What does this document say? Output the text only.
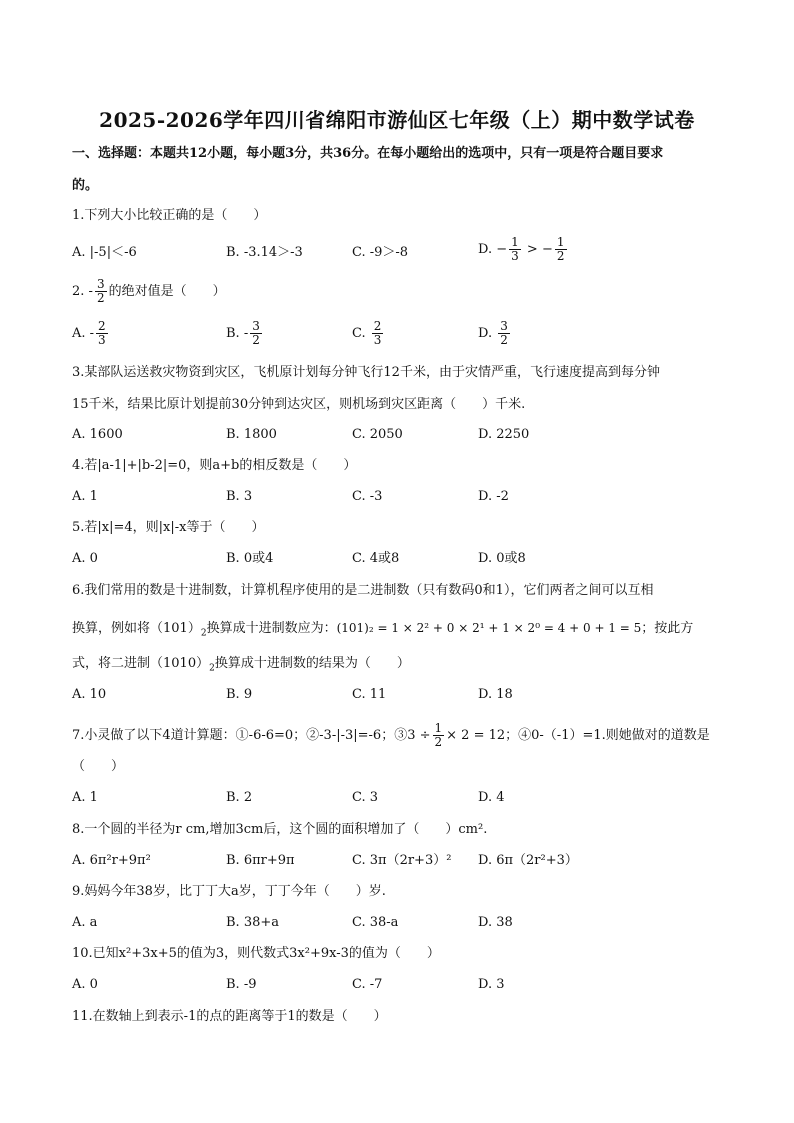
2025-2026学年四川省绵阳市游仙区七年级（上）期中数学试卷
一、选择题：本题共12小题，每小题3分，共36分。在每小题给出的选项中，只有一项是符合题目要求
的。
1.下列大小比较正确的是（　　）
A. |-5|＜-6	B. -3.14＞-3	C. -9＞-8	D. − $\frac{1}{3}$ > − $\frac{1}{2}$
2. - $\frac{3}{2}$ 的绝对值是（　　）
A. - $\frac{2}{3}$	B. - $\frac{3}{2}$	C. $\frac{2}{3}$	D. $\frac{3}{2}$
3.某部队运送救灾物资到灾区，飞机原计划每分钟飞行12千米，由于灾情严重，飞行速度提高到每分钟
15千米，结果比原计划提前30分钟到达灾区，则机场到灾区距离（　　）千米.
A. 1600	B. 1800	C. 2050	D. 2250
4.若|a-1|+|b-2|=0，则a+b的相反数是（　　）
A. 1	B. 3	C. -3	D. -2
5.若|x|=4，则|x|-x等于（　　）
A. 0	B. 0或4	C. 4或8	D. 0或8
6.我们常用的数是十进制数，计算机程序使用的是二进制数（只有数码0和1），它们两者之间可以互相
换算，例如将$(101)_2$换算成十进制数应为：(101)₂ = 1 × 2² + 0 × 2¹ + 1 × 2⁰ = 4 + 0 + 1 = 5；按此方
式，将二进制$(1010)_2$换算成十进制数的结果为（　　）
A. 10	B. 9	C. 11	D. 18
7.小灵做了以下4道计算题：①-6-6=0；②-3-|-3|=-6；③3 ÷ $\frac{1}{2} \times 2 = 12$；④0-（-1）=1.则她做对的道数是
（　　）
A. 1	B. 2	C. 3	D. 4
8.一个圆的半径为r cm,增加3cm后，这个圆的面积增加了（　　）cm².
A. 6π²r+9π²	B. 6πr+9π	C. 3π（2r+3）² D. 6π（2r²+3）
9.妈妈今年38岁，比丁丁大a岁，丁丁今年（　　）岁.
A. a	B. 38+a	C. 38-a	D. 38
10.已知x²+3x+5的值为3，则代数式3x²+9x-3的值为（　　）
A. 0	B. -9	C. -7	D. 3
11.在数轴上到表示-1的点的距离等于1的数是（　　）
